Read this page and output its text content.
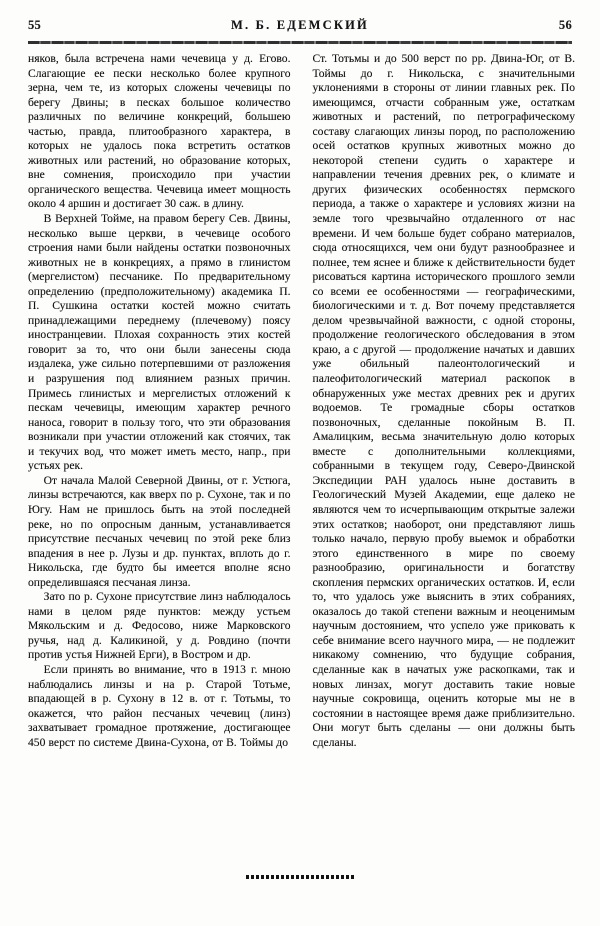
55	М. Б. ЕДЕМСКИЙ	56

няков, была встречена нами чечевица у д. Егово. Слагающие ее пески несколько более крупного зерна, чем те, из которых сложены чечевицы по берегу Двины; в песках большое количество различных по величине конкреций, большею частью, правда, плитообразного характера, в которых не удалось пока встретить остатков животных или растений, но образование которых, вне сомнения, происходило при участии органического вещества. Чечевица имеет мощность около 4 аршин и достигает 30 саж. в длину.

В Верхней Тойме, на правом берегу Сев. Двины, несколько выше церкви, в чечевице особого строения нами были найдены остатки позвоночных животных не в конкрециях, а прямо в глинистом (мергелистом) песчанике. По предварительному определению (предположительному) академика П. П. Сушкина остатки костей можно считать принадлежащими переднему (плечевому) поясу иностранцевии. Плохая сохранность этих костей говорит за то, что они были занесены сюда издалека, уже сильно потерпевшими от разложения и разрушения под влиянием разных причин. Примесь глинистых и мергелистых отложений к пескам чечевицы, имеющим характер речного наноса, говорит в пользу того, что эти образования возникали при участии отложений как стоячих, так и текучих вод, что может иметь место, напр., при устьях рек.

От начала Малой Северной Двины, от г. Устюга, линзы встречаются, как вверх по р. Сухоне, так и по Югу. Нам не пришлось быть на этой последней реке, но по опросным данным, устанавливается присутствие песчаных чечевиц по этой реке близ впадения в нее р. Лузы и др. пунктах, вплоть до г. Никольска, где будто бы имеется вполне ясно определившаяся песчаная линза.

Зато по р. Сухоне присутствие линз наблюдалось нами в целом ряде пунктов: между устьем Мякольским и д. Федосово, ниже Марковского ручья, над д. Каликиной, у д. Ровдино (почти против устья Нижней Ерги), в Востром и др.

Если принять во внимание, что в 1913 г. мною наблюдались линзы и на р. Старой Тотьме, впадающей в р. Сухону в 12 в. от г. Тотьмы, то окажется, что район песчаных чечевиц (линз) захватывает громадное протяжение, достигающее 450 верст по системе Двина-Сухона, от В. Тоймы до

Ст. Тотьмы и до 500 верст по рр. Двина-Юг, от В. Тоймы до г. Никольска, с значительными уклонениями в стороны от линии главных рек. По имеющимся, отчасти собранным уже, остаткам животных и растений, по петрографическому составу слагающих линзы пород, по расположению осей остатков крупных животных можно до некоторой степени судить о характере и направлении течения древних рек, о климате и других физических особенностях пермского периода, а также о характере и условиях жизни на земле того чрезвычайно отдаленного от нас времени. И чем больше будет собрано материалов, сюда относящихся, чем они будут разнообразнее и полнее, тем яснее и ближе к действительности будет рисоваться картина исторического прошлого земли со всеми ее особенностями — географическими, биологическими и т. д. Вот почему представляется делом чрезвычайной важности, с одной стороны, продолжение геологического обследования в этом краю, а с другой — продолжение начатых и давших уже обильный палеонтологический и палеофитологический материал раскопок в обнаруженных уже местах древних рек и других водоемов. Те громадные сборы остатков позвоночных, сделанные покойным В. П. Амалицким, весьма значительную долю которых вместе с дополнительными коллекциями, собранными в текущем году, Северо-Двинской Экспедиции РАН удалось ныне доставить в Геологический Музей Академии, еще далеко не являются чем то исчерпывающим открытые залежи этих остатков; наоборот, они представляют лишь только начало, первую пробу выемок и обработки этого единственного в мире по своему разнообразию, оригинальности и богатству скопления пермских органических остатков. И, если то, что удалось уже выяснить в этих собраниях, оказалось до такой степени важным и неоценимым научным достоянием, что успело уже приковать к себе внимание всего научного мира, — не подлежит никакому сомнению, что будущие собрания, сделанные как в начатых уже раскопками, так и новых линзах, могут доставить такие новые научные сокровища, оценить которые мы не в состоянии в настоящее время даже приблизительно. Они могут быть сделаны — они должны быть сделаны.
